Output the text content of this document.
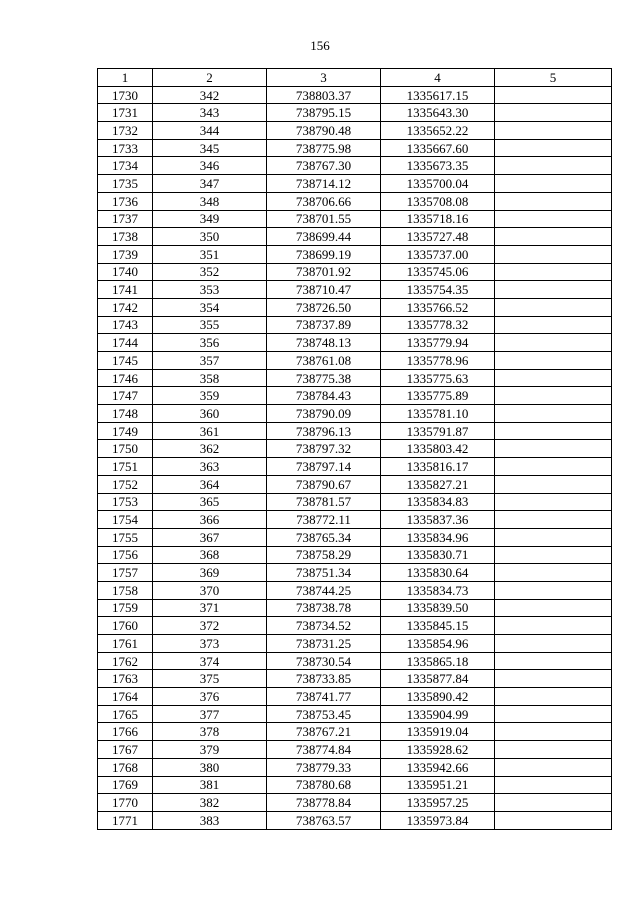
156
1	2	3	4	5
1730	342	738803.37	1335617.15	
1731	343	738795.15	1335643.30	
1732	344	738790.48	1335652.22	
1733	345	738775.98	1335667.60	
1734	346	738767.30	1335673.35	
1735	347	738714.12	1335700.04	
1736	348	738706.66	1335708.08	
1737	349	738701.55	1335718.16	
1738	350	738699.44	1335727.48	
1739	351	738699.19	1335737.00	
1740	352	738701.92	1335745.06	
1741	353	738710.47	1335754.35	
1742	354	738726.50	1335766.52	
1743	355	738737.89	1335778.32	
1744	356	738748.13	1335779.94	
1745	357	738761.08	1335778.96	
1746	358	738775.38	1335775.63	
1747	359	738784.43	1335775.89	
1748	360	738790.09	1335781.10	
1749	361	738796.13	1335791.87	
1750	362	738797.32	1335803.42	
1751	363	738797.14	1335816.17	
1752	364	738790.67	1335827.21	
1753	365	738781.57	1335834.83	
1754	366	738772.11	1335837.36	
1755	367	738765.34	1335834.96	
1756	368	738758.29	1335830.71	
1757	369	738751.34	1335830.64	
1758	370	738744.25	1335834.73	
1759	371	738738.78	1335839.50	
1760	372	738734.52	1335845.15	
1761	373	738731.25	1335854.96	
1762	374	738730.54	1335865.18	
1763	375	738733.85	1335877.84	
1764	376	738741.77	1335890.42	
1765	377	738753.45	1335904.99	
1766	378	738767.21	1335919.04	
1767	379	738774.84	1335928.62	
1768	380	738779.33	1335942.66	
1769	381	738780.68	1335951.21	
1770	382	738778.84	1335957.25	
1771	383	738763.57	1335973.84	
